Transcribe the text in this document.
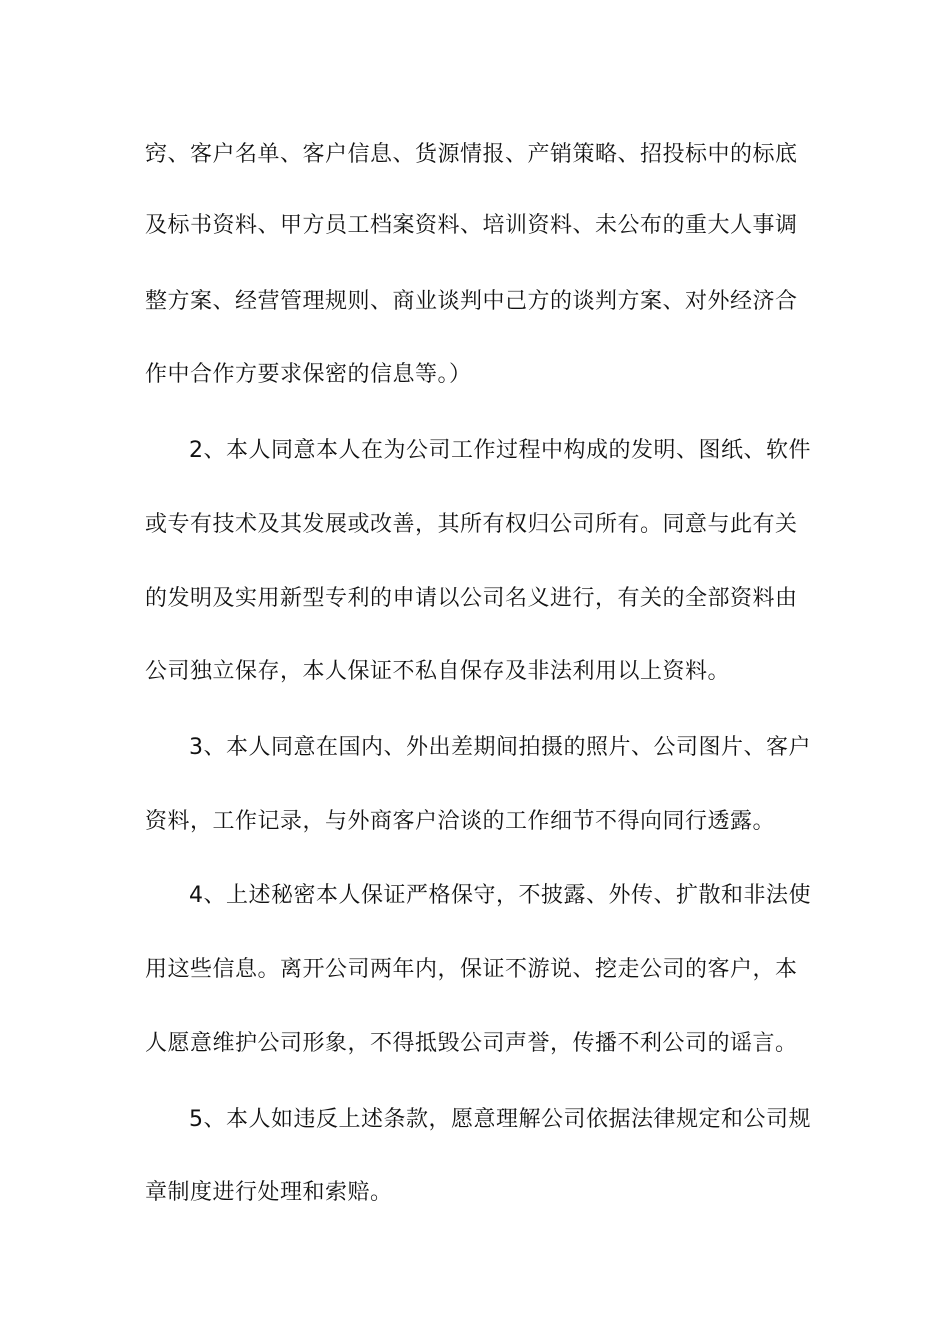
窍、客户名单、客户信息、货源情报、产销策略、招投标中的标底
及标书资料、甲方员工档案资料、培训资料、未公布的重大人事调
整方案、经营管理规则、商业谈判中己方的谈判方案、对外经济合
作中合作方要求保密的信息等。）
2、本人同意本人在为公司工作过程中构成的发明、图纸、软件
或专有技术及其发展或改善，其所有权归公司所有。同意与此有关
的发明及实用新型专利的申请以公司名义进行，有关的全部资料由
公司独立保存，本人保证不私自保存及非法利用以上资料。
3、本人同意在国内、外出差期间拍摄的照片、公司图片、客户
资料，工作记录，与外商客户洽谈的工作细节不得向同行透露。
4、上述秘密本人保证严格保守，不披露、外传、扩散和非法使
用这些信息。离开公司两年内，保证不游说、挖走公司的客户，本
人愿意维护公司形象，不得抵毁公司声誉，传播不利公司的谣言。
5、本人如违反上述条款，愿意理解公司依据法律规定和公司规
章制度进行处理和索赔。
